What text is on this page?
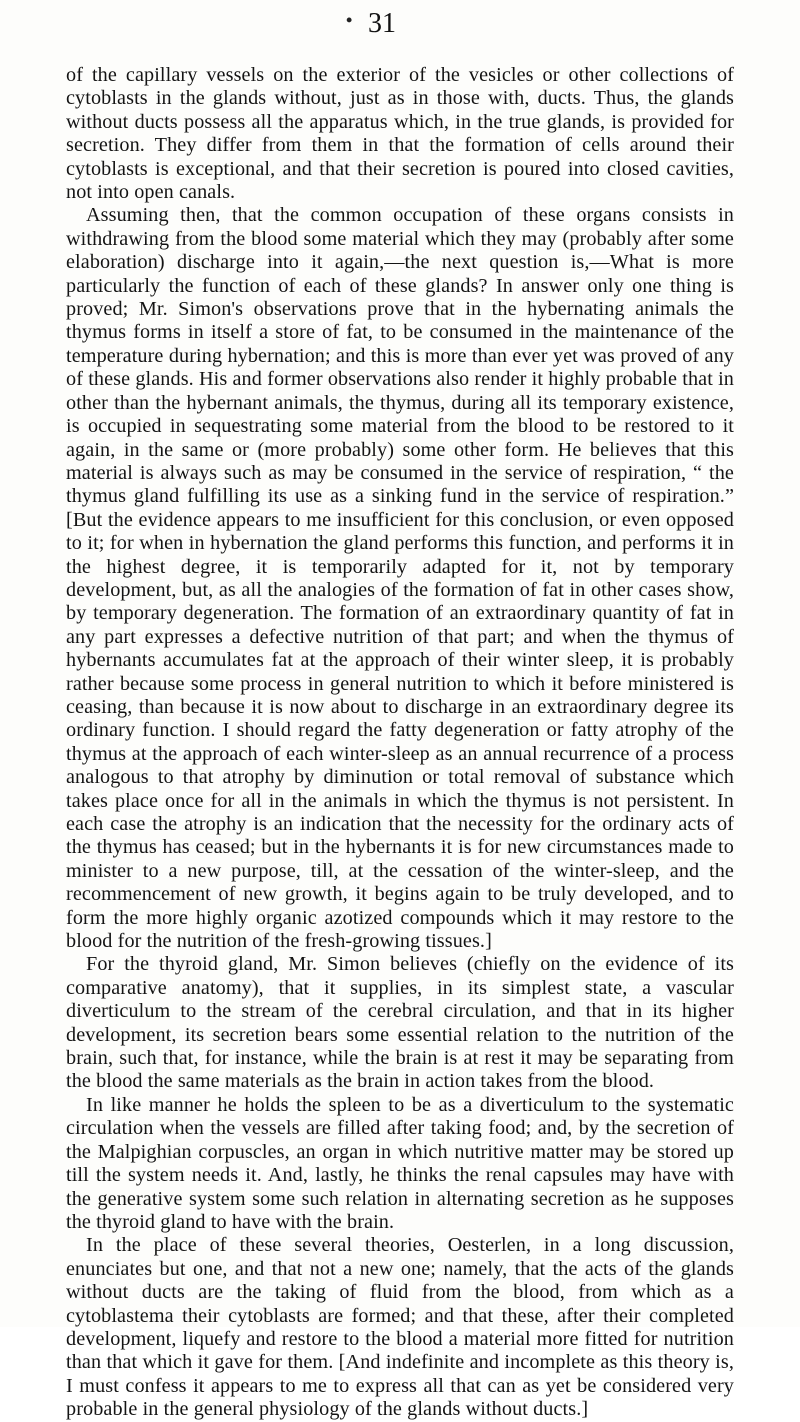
• 31

of the capillary vessels on the exterior of the vesicles or other collections of cytoblasts in the glands without, just as in those with, ducts. Thus, the glands without ducts possess all the apparatus which, in the true glands, is provided for secretion. They differ from them in that the formation of cells around their cytoblasts is exceptional, and that their secretion is poured into closed cavities, not into open canals.

Assuming then, that the common occupation of these organs consists in withdrawing from the blood some material which they may (probably after some elaboration) discharge into it again,—the next question is,—What is more particularly the function of each of these glands? In answer only one thing is proved; Mr. Simon's observations prove that in the hybernating animals the thymus forms in itself a store of fat, to be consumed in the maintenance of the temperature during hybernation; and this is more than ever yet was proved of any of these glands. His and former observations also render it highly probable that in other than the hybernant animals, the thymus, during all its temporary existence, is occupied in sequestrating some material from the blood to be restored to it again, in the same or (more probably) some other form. He believes that this material is always such as may be consumed in the service of respiration, “ the thymus gland fulfilling its use as a sinking fund in the service of respiration.” [But the evidence appears to me insufficient for this conclusion, or even opposed to it; for when in hybernation the gland performs this function, and performs it in the highest degree, it is temporarily adapted for it, not by temporary development, but, as all the analogies of the formation of fat in other cases show, by temporary degeneration. The formation of an extraordinary quantity of fat in any part expresses a defective nutrition of that part; and when the thymus of hybernants accumulates fat at the approach of their winter sleep, it is probably rather because some process in general nutrition to which it before ministered is ceasing, than because it is now about to discharge in an extraordinary degree its ordinary function. I should regard the fatty degeneration or fatty atrophy of the thymus at the approach of each winter-sleep as an annual recurrence of a process analogous to that atrophy by diminution or total removal of substance which takes place once for all in the animals in which the thymus is not persistent. In each case the atrophy is an indication that the necessity for the ordinary acts of the thymus has ceased; but in the hybernants it is for new circumstances made to minister to a new purpose, till, at the cessation of the winter-sleep, and the recommencement of new growth, it begins again to be truly developed, and to form the more highly organic azotized compounds which it may restore to the blood for the nutrition of the fresh-growing tissues.]

For the thyroid gland, Mr. Simon believes (chiefly on the evidence of its comparative anatomy), that it supplies, in its simplest state, a vascular diverticulum to the stream of the cerebral circulation, and that in its higher development, its secretion bears some essential relation to the nutrition of the brain, such that, for instance, while the brain is at rest it may be separating from the blood the same materials as the brain in action takes from the blood.

In like manner he holds the spleen to be as a diverticulum to the systematic circulation when the vessels are filled after taking food; and, by the secretion of the Malpighian corpuscles, an organ in which nutritive matter may be stored up till the system needs it. And, lastly, he thinks the renal capsules may have with the generative system some such relation in alternating secretion as he supposes the thyroid gland to have with the brain.

In the place of these several theories, Oesterlen, in a long discussion, enunciates but one, and that not a new one; namely, that the acts of the glands without ducts are the taking of fluid from the blood, from which as a cytoblastema their cytoblasts are formed; and that these, after their completed development, liquefy and restore to the blood a material more fitted for nutrition than that which it gave for them. [And indefinite and incomplete as this theory is, I must confess it appears to me to express all that can as yet be considered very probable in the general physiology of the glands without ducts.]
